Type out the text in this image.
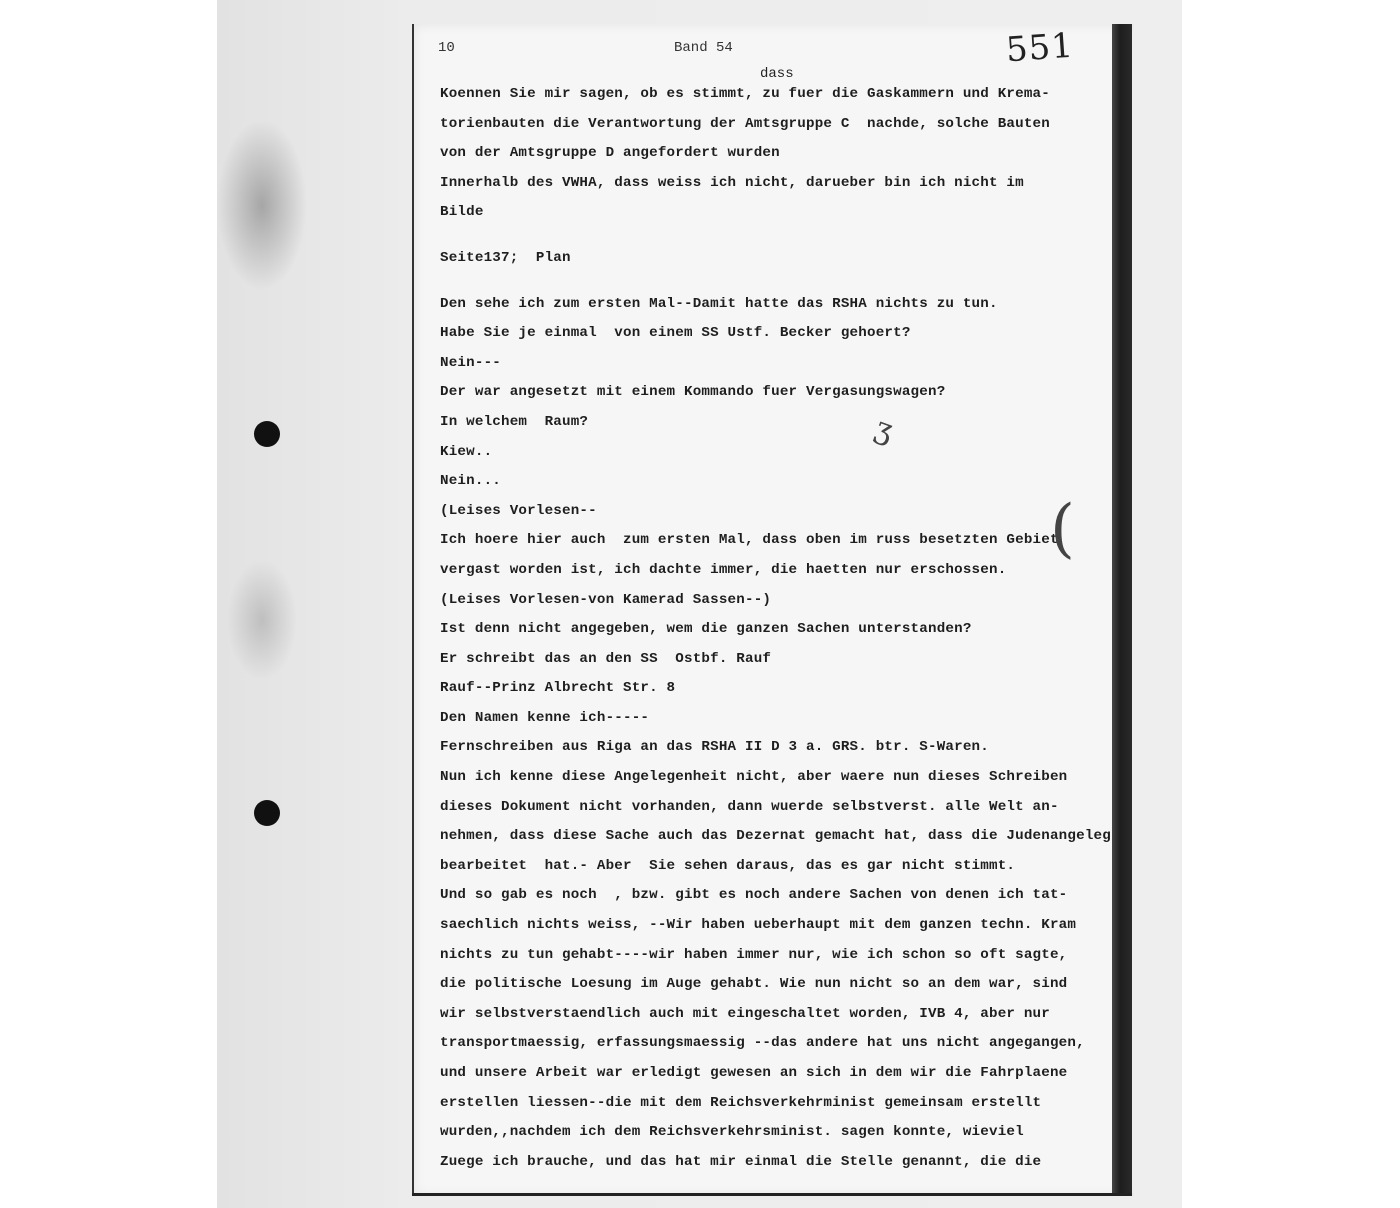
10	Band 54	551
dass
Koennen Sie mir sagen, ob es stimmt, zu fuer die Gaskammern und Krema-
torienbauten die Verantwortung der Amtsgruppe C  nachde, solche Bauten
von der Amtsgruppe D angefordert wurden
Innerhalb des VWHA, dass weiss ich nicht, darueber bin ich nicht im
Bilde
Seite137;  Plan
Den sehe ich zum ersten Mal--Damit hatte das RSHA nichts zu tun.
Habe Sie je einmal  von einem SS Ustf. Becker gehoert?
Nein---
Der war angesetzt mit einem Kommando fuer Vergasungswagen?
In welchem  Raum?
Kiew..
Nein...
(Leises Vorlesen--
Ich hoere hier auch  zum ersten Mal, dass oben im russ besetzten Gebiet
vergast worden ist, ich dachte immer, die haetten nur erschossen.
(Leises Vorlesen-von Kamerad Sassen--)
Ist denn nicht angegeben, wem die ganzen Sachen unterstanden?
Er schreibt das an den SS  Ostbf. Rauf
Rauf--Prinz Albrecht Str. 8
Den Namen kenne ich-----
Fernschreiben aus Riga an das RSHA II D 3 a. GRS. btr. S-Waren.
Nun ich kenne diese Angelegenheit nicht, aber waere nun dieses Schreiben
dieses Dokument nicht vorhanden, dann wuerde selbstverst. alle Welt an-
nehmen, dass diese Sache auch das Dezernat gemacht hat, dass die Judenangeleg
bearbeitet  hat.- Aber  Sie sehen daraus, das es gar nicht stimmt.
Und so gab es noch  , bzw. gibt es noch andere Sachen von denen ich tat-
saechlich nichts weiss, --Wir haben ueberhaupt mit dem ganzen techn. Kram
nichts zu tun gehabt----wir haben immer nur, wie ich schon so oft sagte,
die politische Loesung im Auge gehabt. Wie nun nicht so an dem war, sind
wir selbstverstaendlich auch mit eingeschaltet worden, IVB 4, aber nur
transportmaessig, erfassungsmaessig --das andere hat uns nicht angegangen,
und unsere Arbeit war erledigt gewesen an sich in dem wir die Fahrplaene
erstellen liessen--die mit dem Reichsverkehrminist gemeinsam erstellt
wurden,,nachdem ich dem Reichsverkehrsminist. sagen konnte, wieviel
Zuege ich brauche, und das hat mir einmal die Stelle genannt, die die
ʒ
(
